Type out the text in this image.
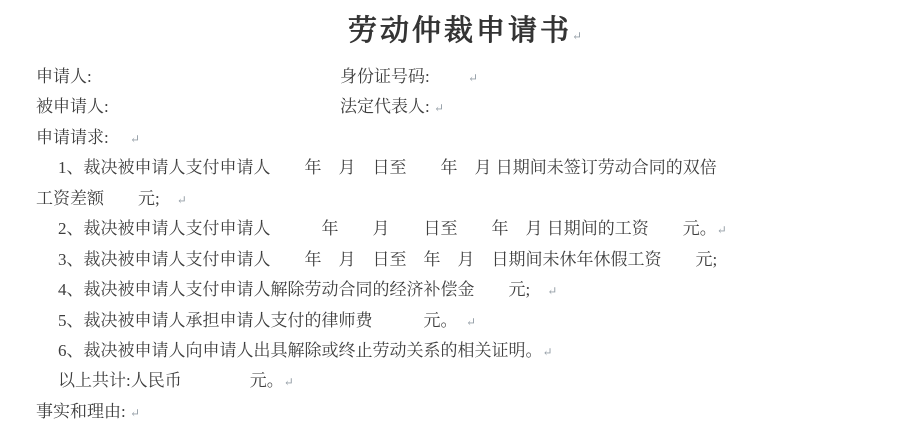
劳动仲裁申请书↵
申请人:	身份证号码:　　 ↵
被申请人:	法定代表人: ↵
申请请求:　 ↵
1、裁决被申请人支付申请人　　年　月　日至　　年　月 日期间未签订劳动合同的双倍
工资差额　　元;　↵
2、裁决被申请人支付申请人　　　年　　月　　日至　　年　月 日期间的工资　　元。↵
3、裁决被申请人支付申请人　　年　月　日至　年　月　日期间未休年休假工资　　元;
4、裁决被申请人支付申请人解除劳动合同的经济补偿金　　元;　↵
5、裁决被申请人承担申请人支付的律师费　　　元。　↵
6、裁决被申请人向申请人出具解除或终止劳动关系的相关证明。↵
以上共计:人民币　　　　元。↵
事实和理由: ↵
